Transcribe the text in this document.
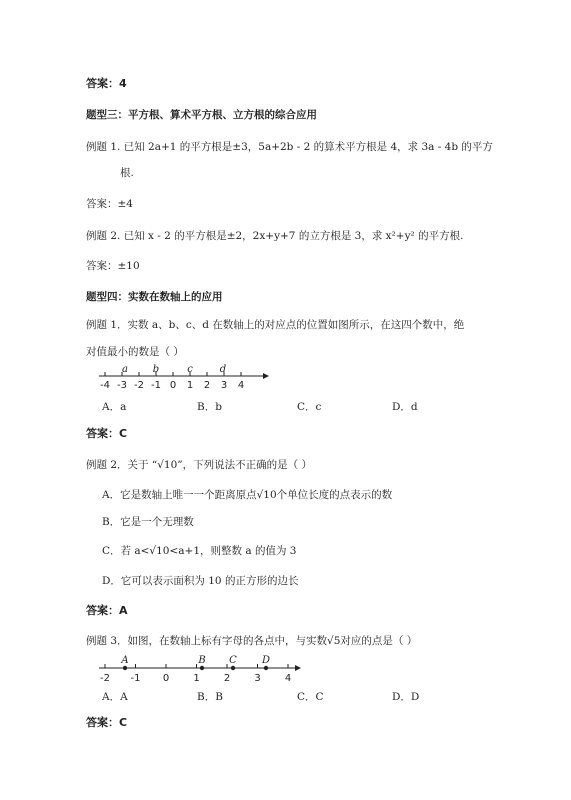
答案：4
题型三：平方根、算术平方根、立方根的综合应用
例题 1. 已知 2a+1 的平方根是±3，5a+2b - 2 的算术平方根是 4，求 3a - 4b 的平方
根.
答案：±4
例题 2. 已知 x - 2 的平方根是±2，2x+y+7 的立方根是 3，求 x²+y² 的平方根.
答案：±10
题型四：实数在数轴上的应用
例题 1．实数 a、b、c、d 在数轴上的对应点的位置如图所示，在这四个数中，绝
对值最小的数是（ ）
-4 -3 -2 -1 0 1 2 3 4
a b	c	d
A．a	B．b	C．c	D．d
答案：C
例题 2．关于 “√10”，下列说法不正确的是（ ）
A．它是数轴上唯一一个距离原点√10个单位长度的点表示的数
B．它是一个无理数
C．若 a<√10<a+1，则整数 a 的值为 3
D．它可以表示面积为 10 的正方形的边长
答案：A
例题 3．如图，在数轴上标有字母的各点中，与实数√5对应的点是（ ）
-2 -1 0 1 2 3 4
A	B C	D
A．A	B．B	C．C	D．D
答案：C
